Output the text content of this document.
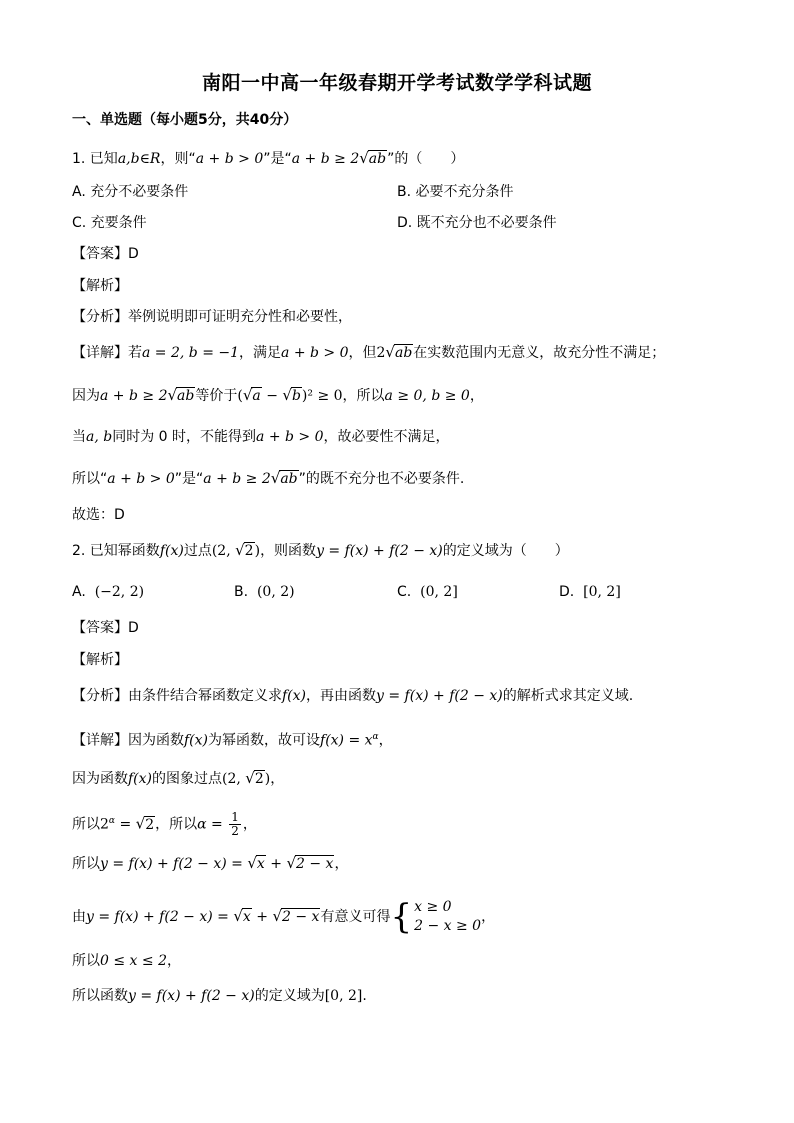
南阳一中高一年级春期开学考试数学学科试题
一、单选题（每小题5分，共40分）
1. 已知a,b∈R，则“a + b > 0”是“a + b ≥ 2√ab”的（　　）
A. 充分不必要条件	B. 必要不充分条件
C. 充要条件	D. 既不充分也不必要条件
【答案】D
【解析】
【分析】举例说明即可证明充分性和必要性，
【详解】若a = 2, b = −1，满足a + b > 0，但2√ab在实数范围内无意义，故充分性不满足；
因为a + b ≥ 2√ab等价于(√a − √b)² ≥ 0，所以a ≥ 0, b ≥ 0，
当a, b同时为 0 时，不能得到a + b > 0，故必要性不满足，
所以“a + b > 0”是“a + b ≥ 2√ab”的既不充分也不必要条件.
故选：D
2. 已知幂函数f(x)过点(2, √2)，则函数y = f(x) + f(2 − x)的定义域为（　　）
A. (−2, 2)	B. (0, 2)	C. (0, 2]	D. [0, 2]
【答案】D
【解析】
【分析】由条件结合幂函数定义求f(x)，再由函数y = f(x) + f(2 − x)的解析式求其定义域.
【详解】因为函数f(x)为幂函数，故可设$f(x) = x^\alpha$，
因为函数f(x)的图象过点(2, √2)，
所以$2^\alpha = √2$，所以$\alpha = \frac{1}{2}$ ，
所以y = f(x) + f(2 − x) = √x + √2 − x，
由y = f(x) + f(2 − x) = √x + √2 − x有意义可得 { x ≥ 0
2 − x ≥ 0
，
所以0 ≤ x ≤ 2，
所以函数y = f(x) + f(2 − x)的定义域为[0, 2].
